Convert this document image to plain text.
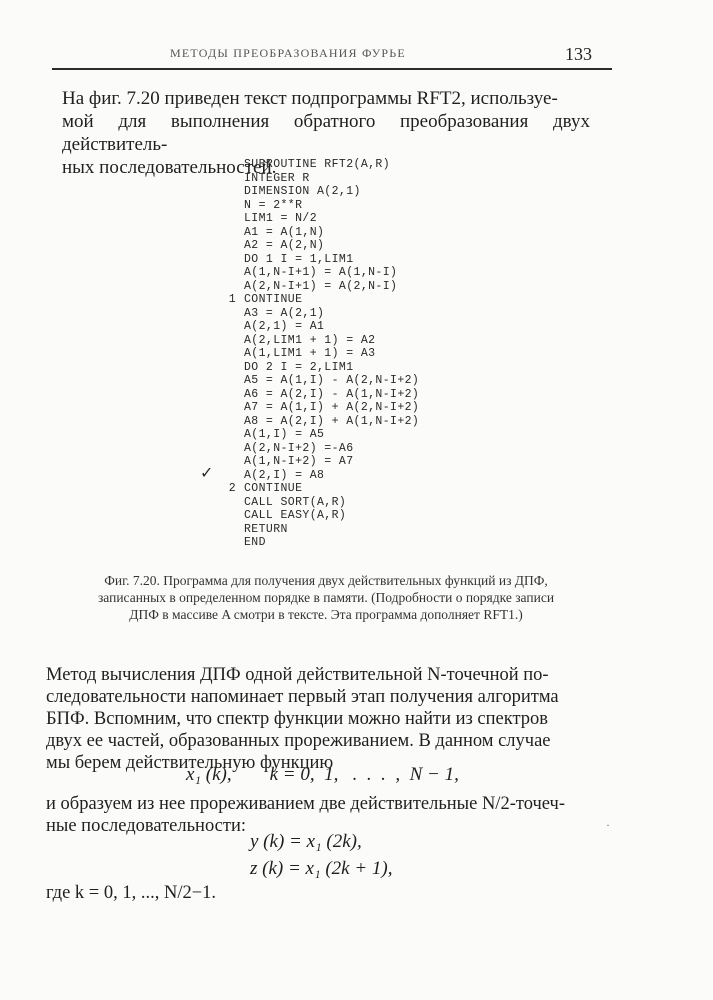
МЕТОДЫ ПРЕОБРАЗОВАНИЯ ФУРЬЕ	133

На фиг. 7.20 приведен текст подпрограммы RFT2, используе-
мой для выполнения обратного преобразования двух действитель-
ных последовательностей.

SUBROUTINE RFT2(A,R)
INTEGER R
DIMENSION A(2,1)
N = 2**R
LIM1 = N/2
A1 = A(1,N)
A2 = A(2,N)
DO 1 I = 1,LIM1
A(1,N-I+1) = A(1,N-I)
A(2,N-I+1) = A(2,N-I)
1 CONTINUE
A3 = A(2,1)
A(2,1) = A1
A(2,LIM1 + 1) = A2
A(1,LIM1 + 1) = A3
DO 2 I = 2,LIM1
A5 = A(1,I) - A(2,N-I+2)
A6 = A(2,I) - A(1,N-I+2)
A7 = A(1,I) + A(2,N-I+2)
A8 = A(2,I) + A(1,N-I+2)
A(1,I) = A5
A(2,N-I+2) =-A6
A(1,N-I+2) = A7
A(2,I) = A8
2 CONTINUE
CALL SORT(A,R)
CALL EASY(A,R)
RETURN
END
✓

Фиг. 7.20. Программа для получения двух действительных функций из ДПФ,
записанных в определенном порядке в памяти. (Подробности о порядке записи
ДПФ в массиве A смотри в тексте. Эта программа дополняет RFT1.)

Метод вычисления ДПФ одной действительной N-точечной по-
следовательности напоминает первый этап получения алгоритма
БПФ. Вспомним, что спектр функции можно найти из спектров
двух ее частей, образованных прореживанием. В данном случае
мы берем действительную функцию

x₁ (k),        k = 0,  1,   .  .  .  ,  N − 1,

и образуем из нее прореживанием две действительные N/2-точеч-
ные последовательности:

y (k) = x₁ (2k),

z (k) = x₁ (2k + 1),

где k = 0, 1, ..., N/2−1.

·
